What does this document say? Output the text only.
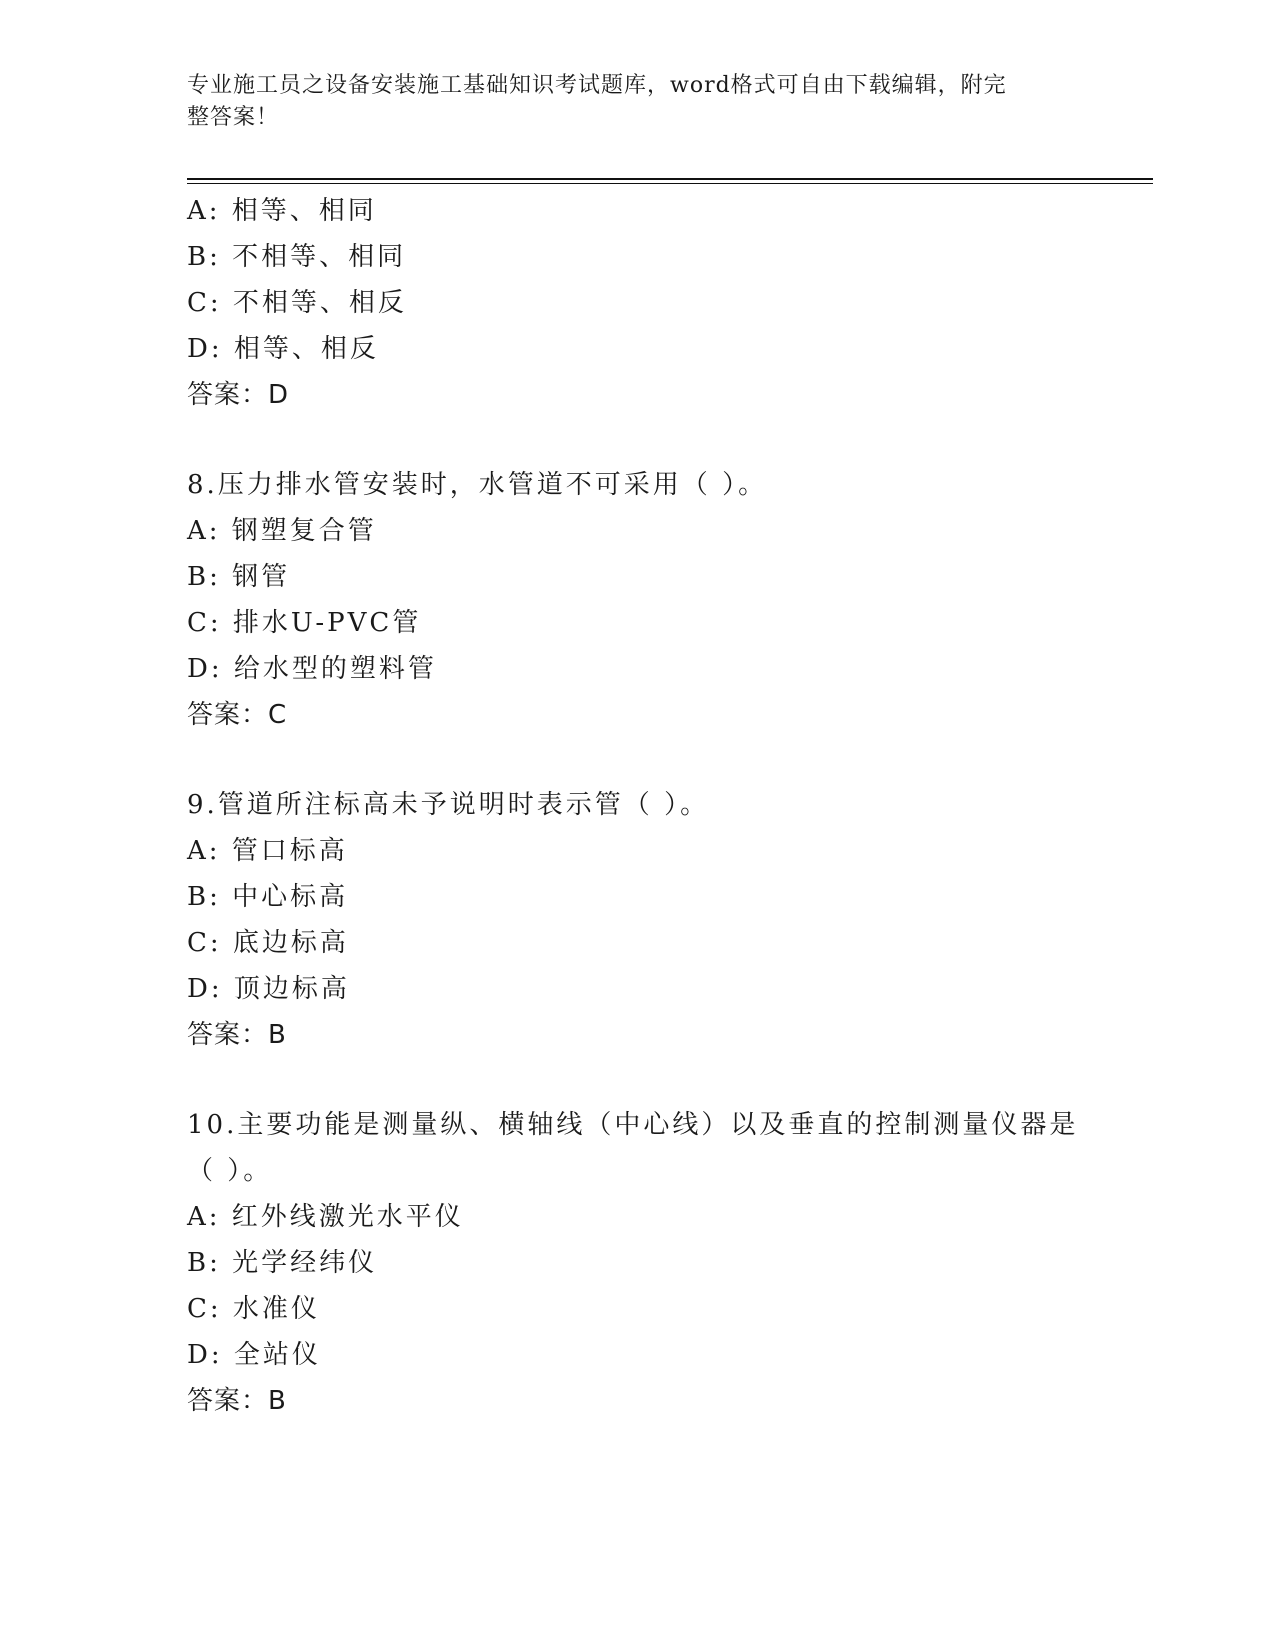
专业施工员之设备安装施工基础知识考试题库，word格式可自由下载编辑，附完
整答案！
A: 相等、相同
B: 不相等、相同
C: 不相等、相反
D: 相等、相反
答案：D
8.压力排水管安装时，水管道不可采用（ ）。
A: 钢塑复合管
B: 钢管
C: 排水U-PVC管
D: 给水型的塑料管
答案：C
9.管道所注标高未予说明时表示管（ ）。
A: 管口标高
B: 中心标高
C: 底边标高
D: 顶边标高
答案：B
10.主要功能是测量纵、横轴线（中心线）以及垂直的控制测量仪器是
（ ）。
A: 红外线激光水平仪
B: 光学经纬仪
C: 水准仪
D: 全站仪
答案：B
